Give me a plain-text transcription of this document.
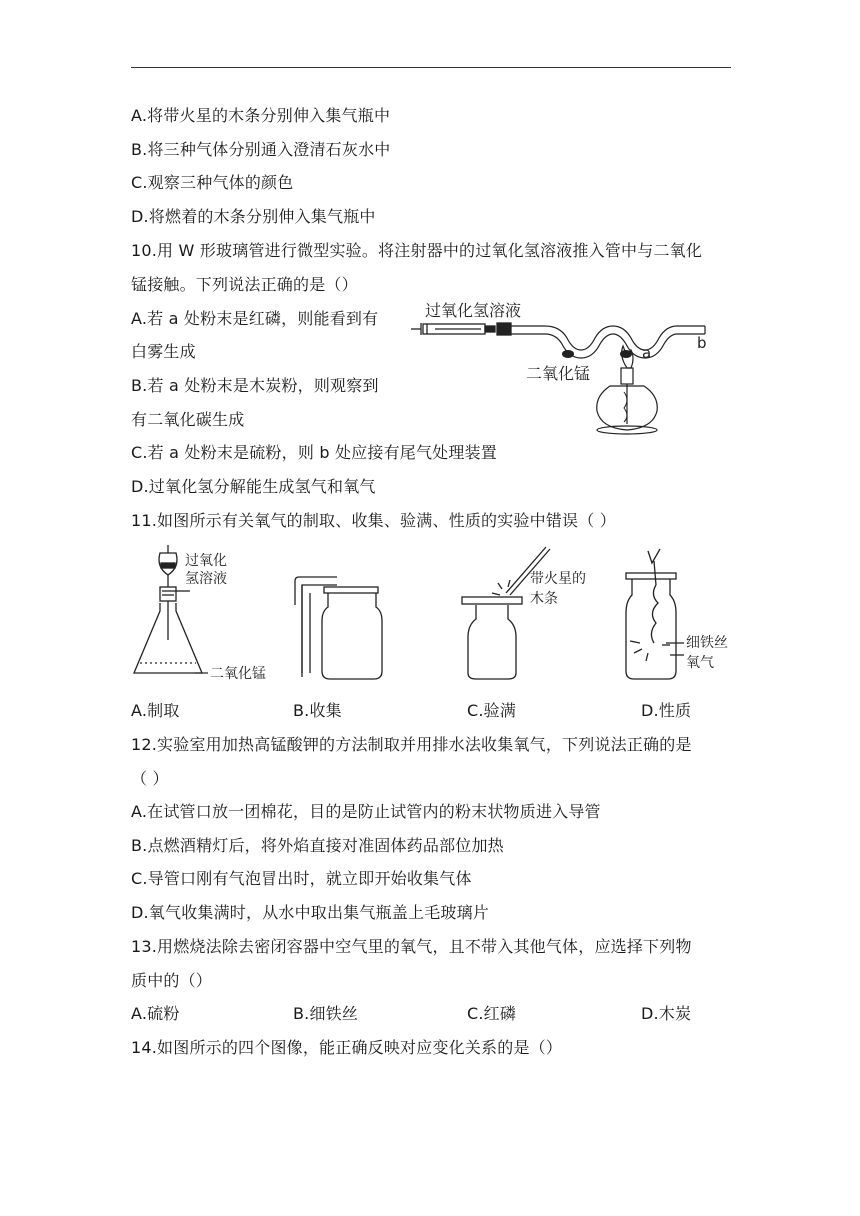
A.将带火星的木条分别伸入集气瓶中
B.将三种气体分别通入澄清石灰水中
C.观察三种气体的颜色
D.将燃着的木条分别伸入集气瓶中
10.用 W 形玻璃管进行微型实验。将注射器中的过氧化氢溶液推入管中与二氧化
锰接触。下列说法正确的是（）
A.若 a 处粉末是红磷，则能看到有
白雾生成
B.若 a 处粉末是木炭粉，则观察到
有二氧化碳生成
C.若 a 处粉末是硫粉，则 b 处应接有尾气处理装置
D.过氧化氢分解能生成氢气和氧气
过氧化氢溶液
a
b
二氧化锰
11.如图所示有关氧气的制取、收集、验满、性质的实验中错误（ ）
过氧化
氢溶液
二氧化锰
带火星的
木条
细铁丝
氧气
A.制取	B.收集	C.验满	D.性质
12.实验室用加热高锰酸钾的方法制取并用排水法收集氧气，下列说法正确的是
（ ）
A.在试管口放一团棉花，目的是防止试管内的粉末状物质进入导管
B.点燃酒精灯后，将外焰直接对准固体药品部位加热
C.导管口刚有气泡冒出时，就立即开始收集气体
D.氧气收集满时，从水中取出集气瓶盖上毛玻璃片
13.用燃烧法除去密闭容器中空气里的氧气，且不带入其他气体，应选择下列物
质中的（）
A.硫粉	B.细铁丝	C.红磷	D.木炭
14.如图所示的四个图像，能正确反映对应变化关系的是（）
